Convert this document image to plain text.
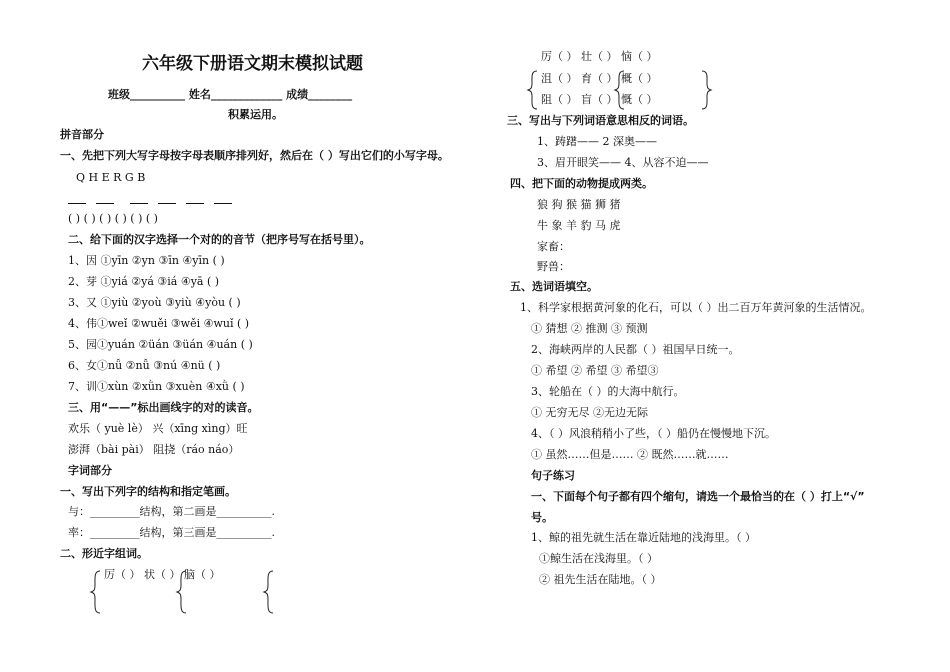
六年级下册语文期末模拟试题
班级__________ 姓名_____________ 成绩________
积累运用。
拼音部分
一、先把下列大写字母按字母表顺序排列好，然后在（ ）写出它们的小写字母。
Q H E R G B
( ) ( ) ( ) ( ) ( ) ( )
二、给下面的汉字选择一个对的的音节（把序号写在括号里）。
1、因 ①yīn ②yn ③īn ④yīn ( )
2、芽 ①yiá ②yá ③iá ④yā ( )
3、又 ①yiù ②yoù ③yiù ④yòu ( )
4、伟①weǐ ②wuěi ③wěi ④wuǐ ( )
5、园①yuán ②üán ③üán ④uán ( )
6、女①nǚ ②nǚ ③nú ④nü ( )
7、训①xùn ②xǜn ③xuèn ④xǜ ( )
三、用“——”标出画线字的对的读音。
欢乐（ yuè lè） 兴（xīng xìng）旺
澎湃（bài pài） 阻挠（ráo náo）
字词部分
一、写出下列字的结构和指定笔画。
与：_________结构，第二画是__________.
率：_________结构，第三画是__________.
二、形近字组词。
厉（ ） 状（ ） 脑（ ）
厉（ ） 壮（ ） 恼（ ）
沮（ ） 育（ ） 概（ ）
阻（ ） 盲（ ） 慨（ ）
三、写出与下列词语意思相反的词语。
1、踌躇—— 2 深奥——
3、眉开眼笑—— 4、从容不迫——
四、把下面的动物提成两类。
狼 狗 猴 猫 狮 猪
牛 象 羊 豹 马 虎
家畜：
野兽：
五、选词语填空。
1、科学家根据黄河象的化石，可以（ ）出二百万年黄河象的生活情况。
① 猜想 ② 推测 ③ 预测
2、海峡两岸的人民都（ ）祖国早日统一。
① 希望 ② 希望 ③ 希望③
3、轮船在（ ）的大海中航行。
① 无穷无尽 ②无边无际
4、（ ）风浪稍稍小了些，（ ）船仍在慢慢地下沉。
① 虽然……但是…… ② 既然……就……
句子练习
一、下面每个句子都有四个缩句，请选一个最恰当的在（ ）打上“√”
号。
1、鲸的祖先就生活在靠近陆地的浅海里。（ ）
①鲸生活在浅海里。（ ）
② 祖先生活在陆地。（ ）
